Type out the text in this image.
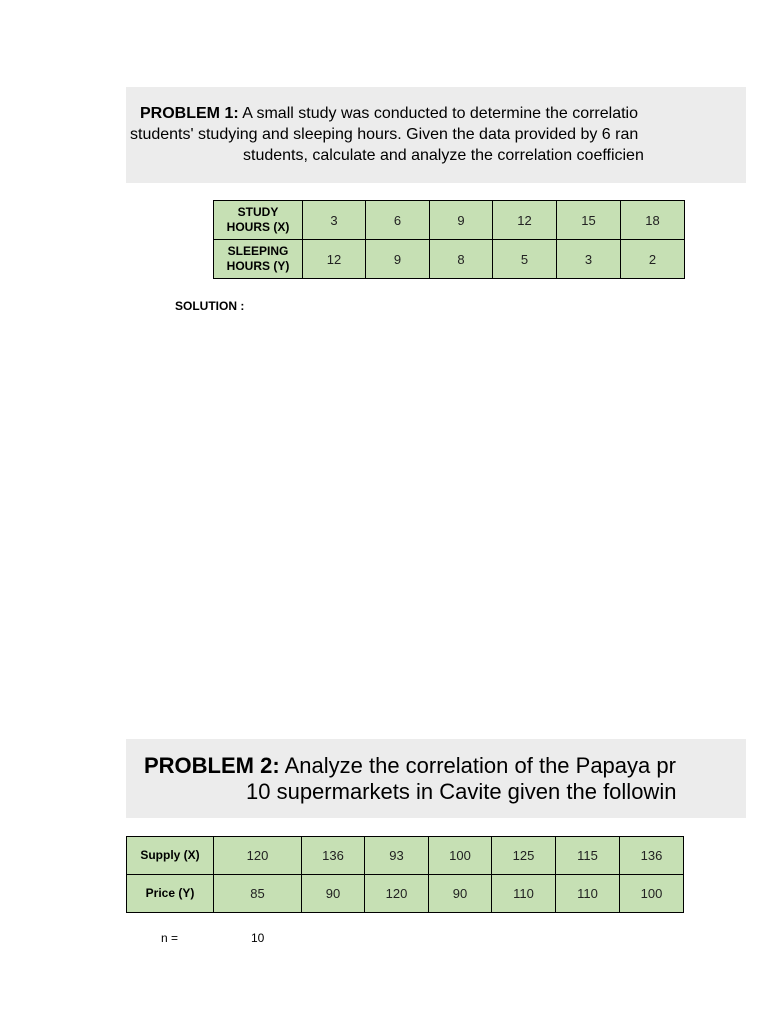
PROBLEM 1: A small study was conducted to determine the correlatio
students' studying and sleeping hours. Given the data provided by 6 ran
students, calculate and analyze the correlation coefficien
STUDY
HOURS (X)	3	6	9	12	15	18
SLEEPING
HOURS (Y)	12	9	8	5	3	2
SOLUTION :
PROBLEM 2: Analyze the correlation of the Papaya pr
10 supermarkets in Cavite given the followin
Supply (X)	120	136	93	100	125	115	136
Price (Y)	85	90	120	90	110	110	100
n =	10
